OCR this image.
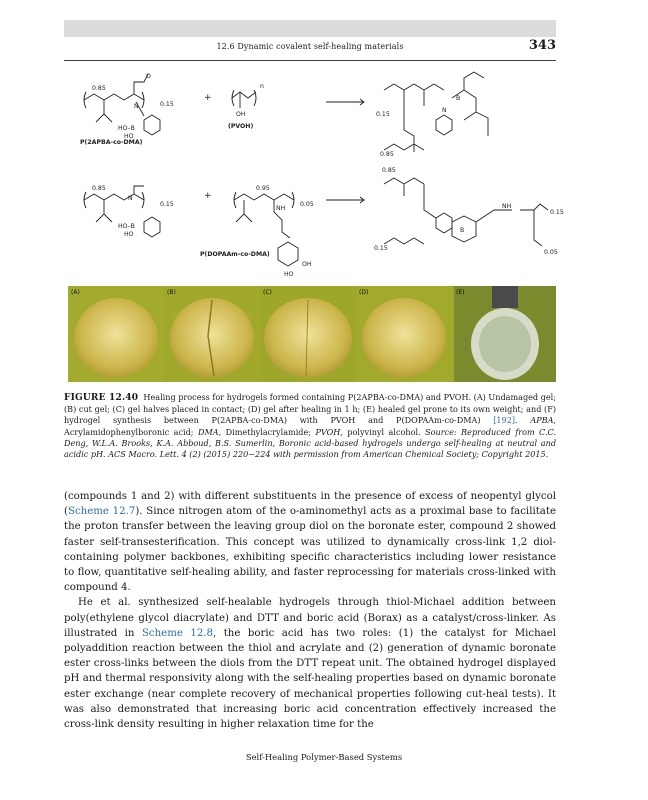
12.6 Dynamic covalent self-healing materials	343
0.85
0.15
O
N
HO–B
HO
P(2APBA-co-DMA)
+
n
OH
(PVOH)
0.15
0.85
B
N
0.85
0.15
N
HO–B
HO
+
0.95
0.05
NH
P(DOPAAm-co-DMA)
HO
OH
0.85
0.15
NH
0.15
0.05
B
(A)	(B)	(C)	(D)	(E)
FIGURE 12.40 Healing process for hydrogels formed containing P(2APBA-co-DMA) and PVOH. (A) Undamaged gel; (B) cut gel; (C) gel halves placed in contact; (D) gel after healing in 1 h; (E) healed gel prone to its own weight; and (F) hydrogel synthesis between P(2APBA-co-DMA) with PVOH and P(DOPAAm-co-DMA) [192]. APBA, Acrylamidophenylboronic acid; DMA, Dimethylacrylamide; PVOH, polyvinyl alcohol. Source: Reproduced from C.C. Deng, W.L.A. Brooks, K.A. Abboud, B.S. Sumerlin, Boronic acid-based hydrogels undergo self-healing at neutral and acidic pH. ACS Macro. Lett. 4 (2) (2015) 220−224 with permission from American Chemical Society; Copyright 2015.

(compounds 1 and 2) with different substituents in the presence of excess of neopentyl glycol (Scheme 12.7). Since nitrogen atom of the o-aminomethyl acts as a proximal base to facilitate the proton transfer between the leaving group diol on the boronate ester, compound 2 showed faster self-transesterification. This concept was utilized to dynamically cross-link 1,2 diol-containing polymer backbones, exhibiting specific characteristics including lower resistance to flow, quantitative self-healing ability, and faster reprocessing for materials cross-linked with compound 4.

He et al. synthesized self-healable hydrogels through thiol-Michael addition between poly(ethylene glycol diacrylate) and DTT and boric acid (Borax) as a catalyst/cross-linker. As illustrated in Scheme 12.8, the boric acid has two roles: (1) the catalyst for Michael polyaddition reaction between the thiol and acrylate and (2) generation of dynamic boronate ester cross-links between the diols from the DTT repeat unit. The obtained hydrogel displayed pH and thermal responsivity along with the self-healing properties based on dynamic boronate ester exchange (near complete recovery of mechanical properties following cut-heal tests). It was also demonstrated that increasing boric acid concentration effectively increased the cross-link density resulting in higher relaxation time for the

Self-Healing Polymer-Based Systems
